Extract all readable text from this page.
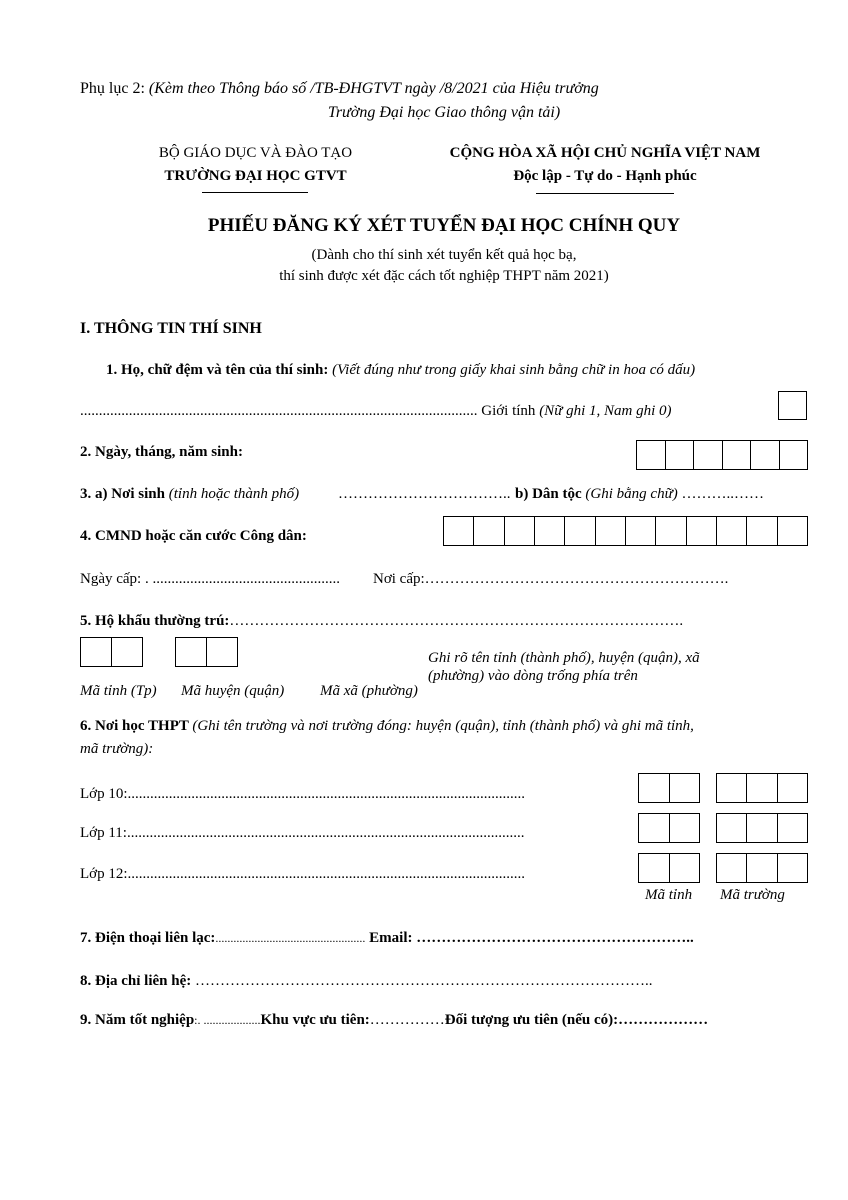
Phụ lục 2: (Kèm theo Thông báo số /TB-ĐHGTVT ngày /8/2021 của Hiệu trưởng
Trường Đại học Giao thông vận tải)
BỘ GIÁO DỤC VÀ ĐÀO TẠO
TRƯỜNG ĐẠI HỌC GTVT
CỘNG HÒA XÃ HỘI CHỦ NGHĨA VIỆT NAM
Độc lập - Tự do - Hạnh phúc
PHIẾU ĐĂNG KÝ XÉT TUYỂN ĐẠI HỌC CHÍNH QUY
(Dành cho thí sinh xét tuyển kết quả học bạ,
thí sinh được xét đặc cách tốt nghiệp THPT năm 2021)
I. THÔNG TIN THÍ SINH
1. Họ, chữ đệm và tên của thí sinh: (Viết đúng như trong giấy khai sinh bằng chữ in hoa có dấu)
.......................................................................................................... Giới tính (Nữ ghi 1, Nam ghi 0)
2. Ngày, tháng, năm sinh:
3. a) Nơi sinh (tỉnh hoặc thành phố)	…………………………….. b) Dân tộc (Ghi bằng chữ) ………..……
4. CMND hoặc căn cước Công dân:
Ngày cấp: . .................................................. Nơi cấp:…………………………………………………….
5. Hộ khẩu thường trú:……………………………………………………………………………….
Ghi rõ tên tỉnh (thành phố), huyện (quận), xã
(phường) vào dòng trống phía trên
Mã tỉnh (Tp) Mã huyện (quận) Mã xã (phường)
6. Nơi học THPT (Ghi tên trường và nơi trường đóng: huyện (quận), tỉnh (thành phố) và ghi mã tỉnh,
mã trường):
Lớp 10:..........................................................................................................
Lớp 11:..........................................................................................................
Lớp 12:..........................................................................................................
Mã tỉnh Mã trường
7. Điện thoại liên lạc:.................................................. Email: ………………………………………………..
8. Địa chỉ liên hệ: ………………………………………………………………………………..
9. Năm tốt nghiệp:. ...................Khu vực ưu tiên:……………Đối tượng ưu tiên (nếu có):………………
